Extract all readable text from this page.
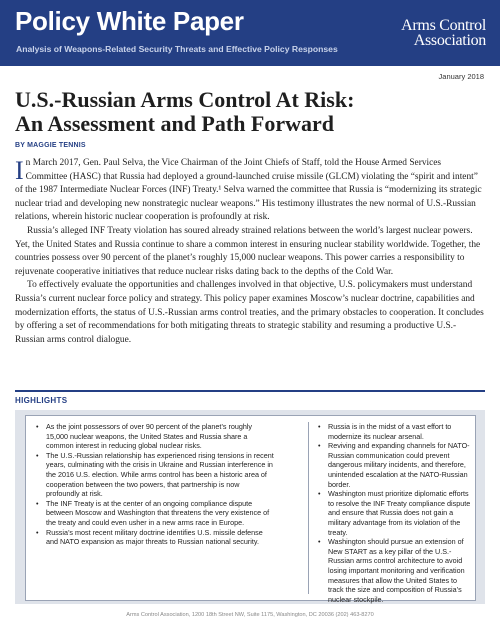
Policy White Paper
Analysis of Weapons-Related Security Threats and Effective Policy Responses
Arms Control
Association
January 2018
U.S.-Russian Arms Control At Risk:
An Assessment and Path Forward
BY MAGGIE TENNIS

In March 2017, Gen. Paul Selva, the Vice Chairman of the Joint Chiefs of Staff, told the House Armed Services Committee (HASC) that Russia had deployed a ground-launched cruise missile (GLCM) violating the “spirit and intent” of the 1987 Intermediate Nuclear Forces (INF) Treaty.¹ Selva warned the committee that Russia is “modernizing its strategic nuclear triad and developing new nonstrategic nuclear weapons.” His testimony illustrates the new normal of U.S.-Russian relations, wherein historic nuclear cooperation is profoundly at risk.

Russia’s alleged INF Treaty violation has soured already strained relations between the world’s largest nuclear powers. Yet, the United States and Russia continue to share a common interest in ensuring nuclear stability worldwide. Together, the countries possess over 90 percent of the planet’s roughly 15,000 nuclear weapons. This power carries a responsibility to rejuvenate cooperative initiatives that reduce nuclear risks dating back to the depths of the Cold War.

To effectively evaluate the opportunities and challenges involved in that objective, U.S. policymakers must understand Russia’s current nuclear force policy and strategy. This policy paper examines Moscow’s nuclear doctrine, capabilities and modernization efforts, the status of U.S.-Russian arms control treaties, and the primary obstacles to cooperation. It concludes by offering a set of recommendations for both mitigating threats to strategic stability and resuming a productive U.S.-Russian arms control dialogue.

HIGHLIGHTS
• As the joint possessors of over 90 percent of the planet’s roughly 15,000 nuclear weapons, the United States and Russia share a common interest in reducing global nuclear risks.
• The U.S.-Russian relationship has experienced rising tensions in recent years, culminating with the crisis in Ukraine and Russian interference in the 2016 U.S. election. While arms control has been a historic area of cooperation between the two powers, that partnership is now profoundly at risk.
• The INF Treaty is at the center of an ongoing compliance dispute between Moscow and Washington that threatens the very existence of the treaty and could even usher in a new arms race in Europe.
• Russia’s most recent military doctrine identifies U.S. missile defense and NATO expansion as major threats to Russian national security.
• Russia is in the midst of a vast effort to modernize its nuclear arsenal.
• Reviving and expanding channels for NATO-Russian communication could prevent dangerous military incidents, and therefore, unintended escalation at the NATO-Russian border.
• Washington must prioritize diplomatic efforts to resolve the INF Treaty compliance dispute and ensure that Russia does not gain a military advantage from its violation of the treaty.
• Washington should pursue an extension of New START as a key pillar of the U.S.-Russian arms control architecture to avoid losing important monitoring and verification measures that allow the United States to track the size and composition of Russia’s nuclear stockpile.
Arms Control Association, 1200 18th Street NW, Suite 1175, Washington, DC 20036 (202) 463-8270
